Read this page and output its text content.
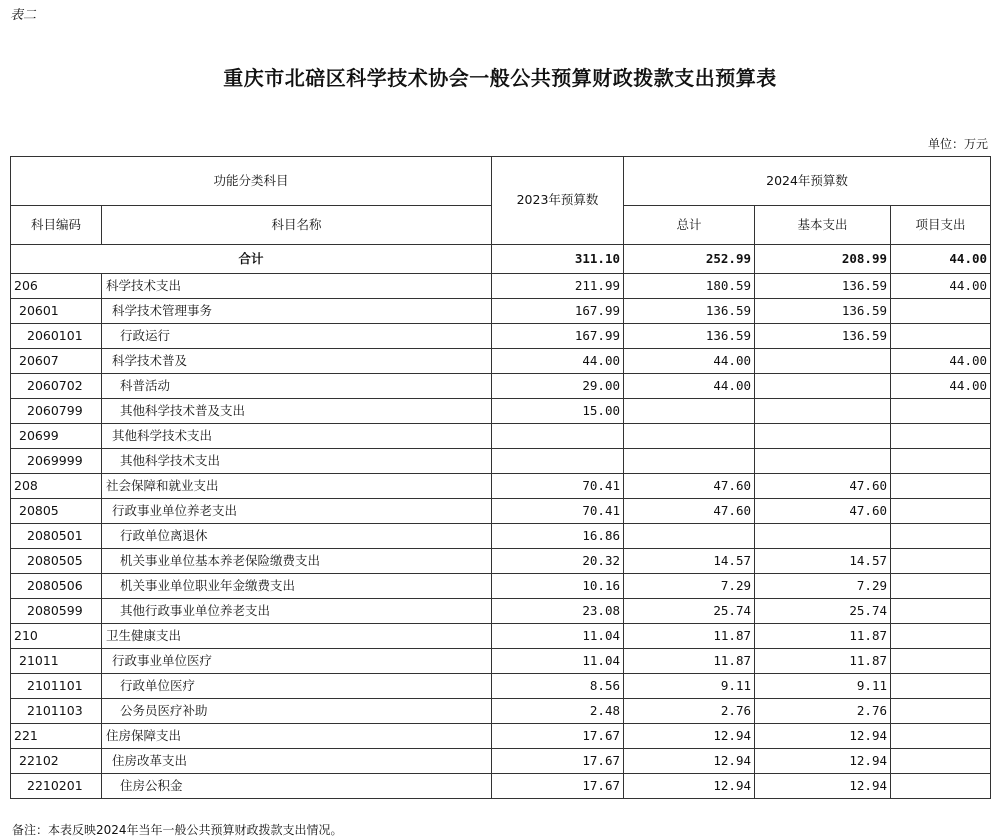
表二
重庆市北碚区科学技术协会一般公共预算财政拨款支出预算表
单位：万元
功能分类科目		2023年预算数	2024年预算数		
科目编码	科目名称		总计	基本支出	项目支出
合计		311.10	252.99	208.99	44.00
206	科学技术支出	211.99	180.59	136.59	44.00
20601	科学技术管理事务	167.99	136.59	136.59	
2060101	行政运行	167.99	136.59	136.59	
20607	科学技术普及	44.00	44.00		44.00
2060702	科普活动	29.00	44.00		44.00
2060799	其他科学技术普及支出	15.00			
20699	其他科学技术支出				
2069999	其他科学技术支出				
208	社会保障和就业支出	70.41	47.60	47.60	
20805	行政事业单位养老支出	70.41	47.60	47.60	
2080501	行政单位离退休	16.86			
2080505	机关事业单位基本养老保险缴费支出	20.32	14.57	14.57	
2080506	机关事业单位职业年金缴费支出	10.16	7.29	7.29	
2080599	其他行政事业单位养老支出	23.08	25.74	25.74	
210	卫生健康支出	11.04	11.87	11.87	
21011	行政事业单位医疗	11.04	11.87	11.87	
2101101	行政单位医疗	8.56	9.11	9.11	
2101103	公务员医疗补助	2.48	2.76	2.76	
221	住房保障支出	17.67	12.94	12.94	
22102	住房改革支出	17.67	12.94	12.94	
2210201	住房公积金	17.67	12.94	12.94	
备注：本表反映2024年当年一般公共预算财政拨款支出情况。
